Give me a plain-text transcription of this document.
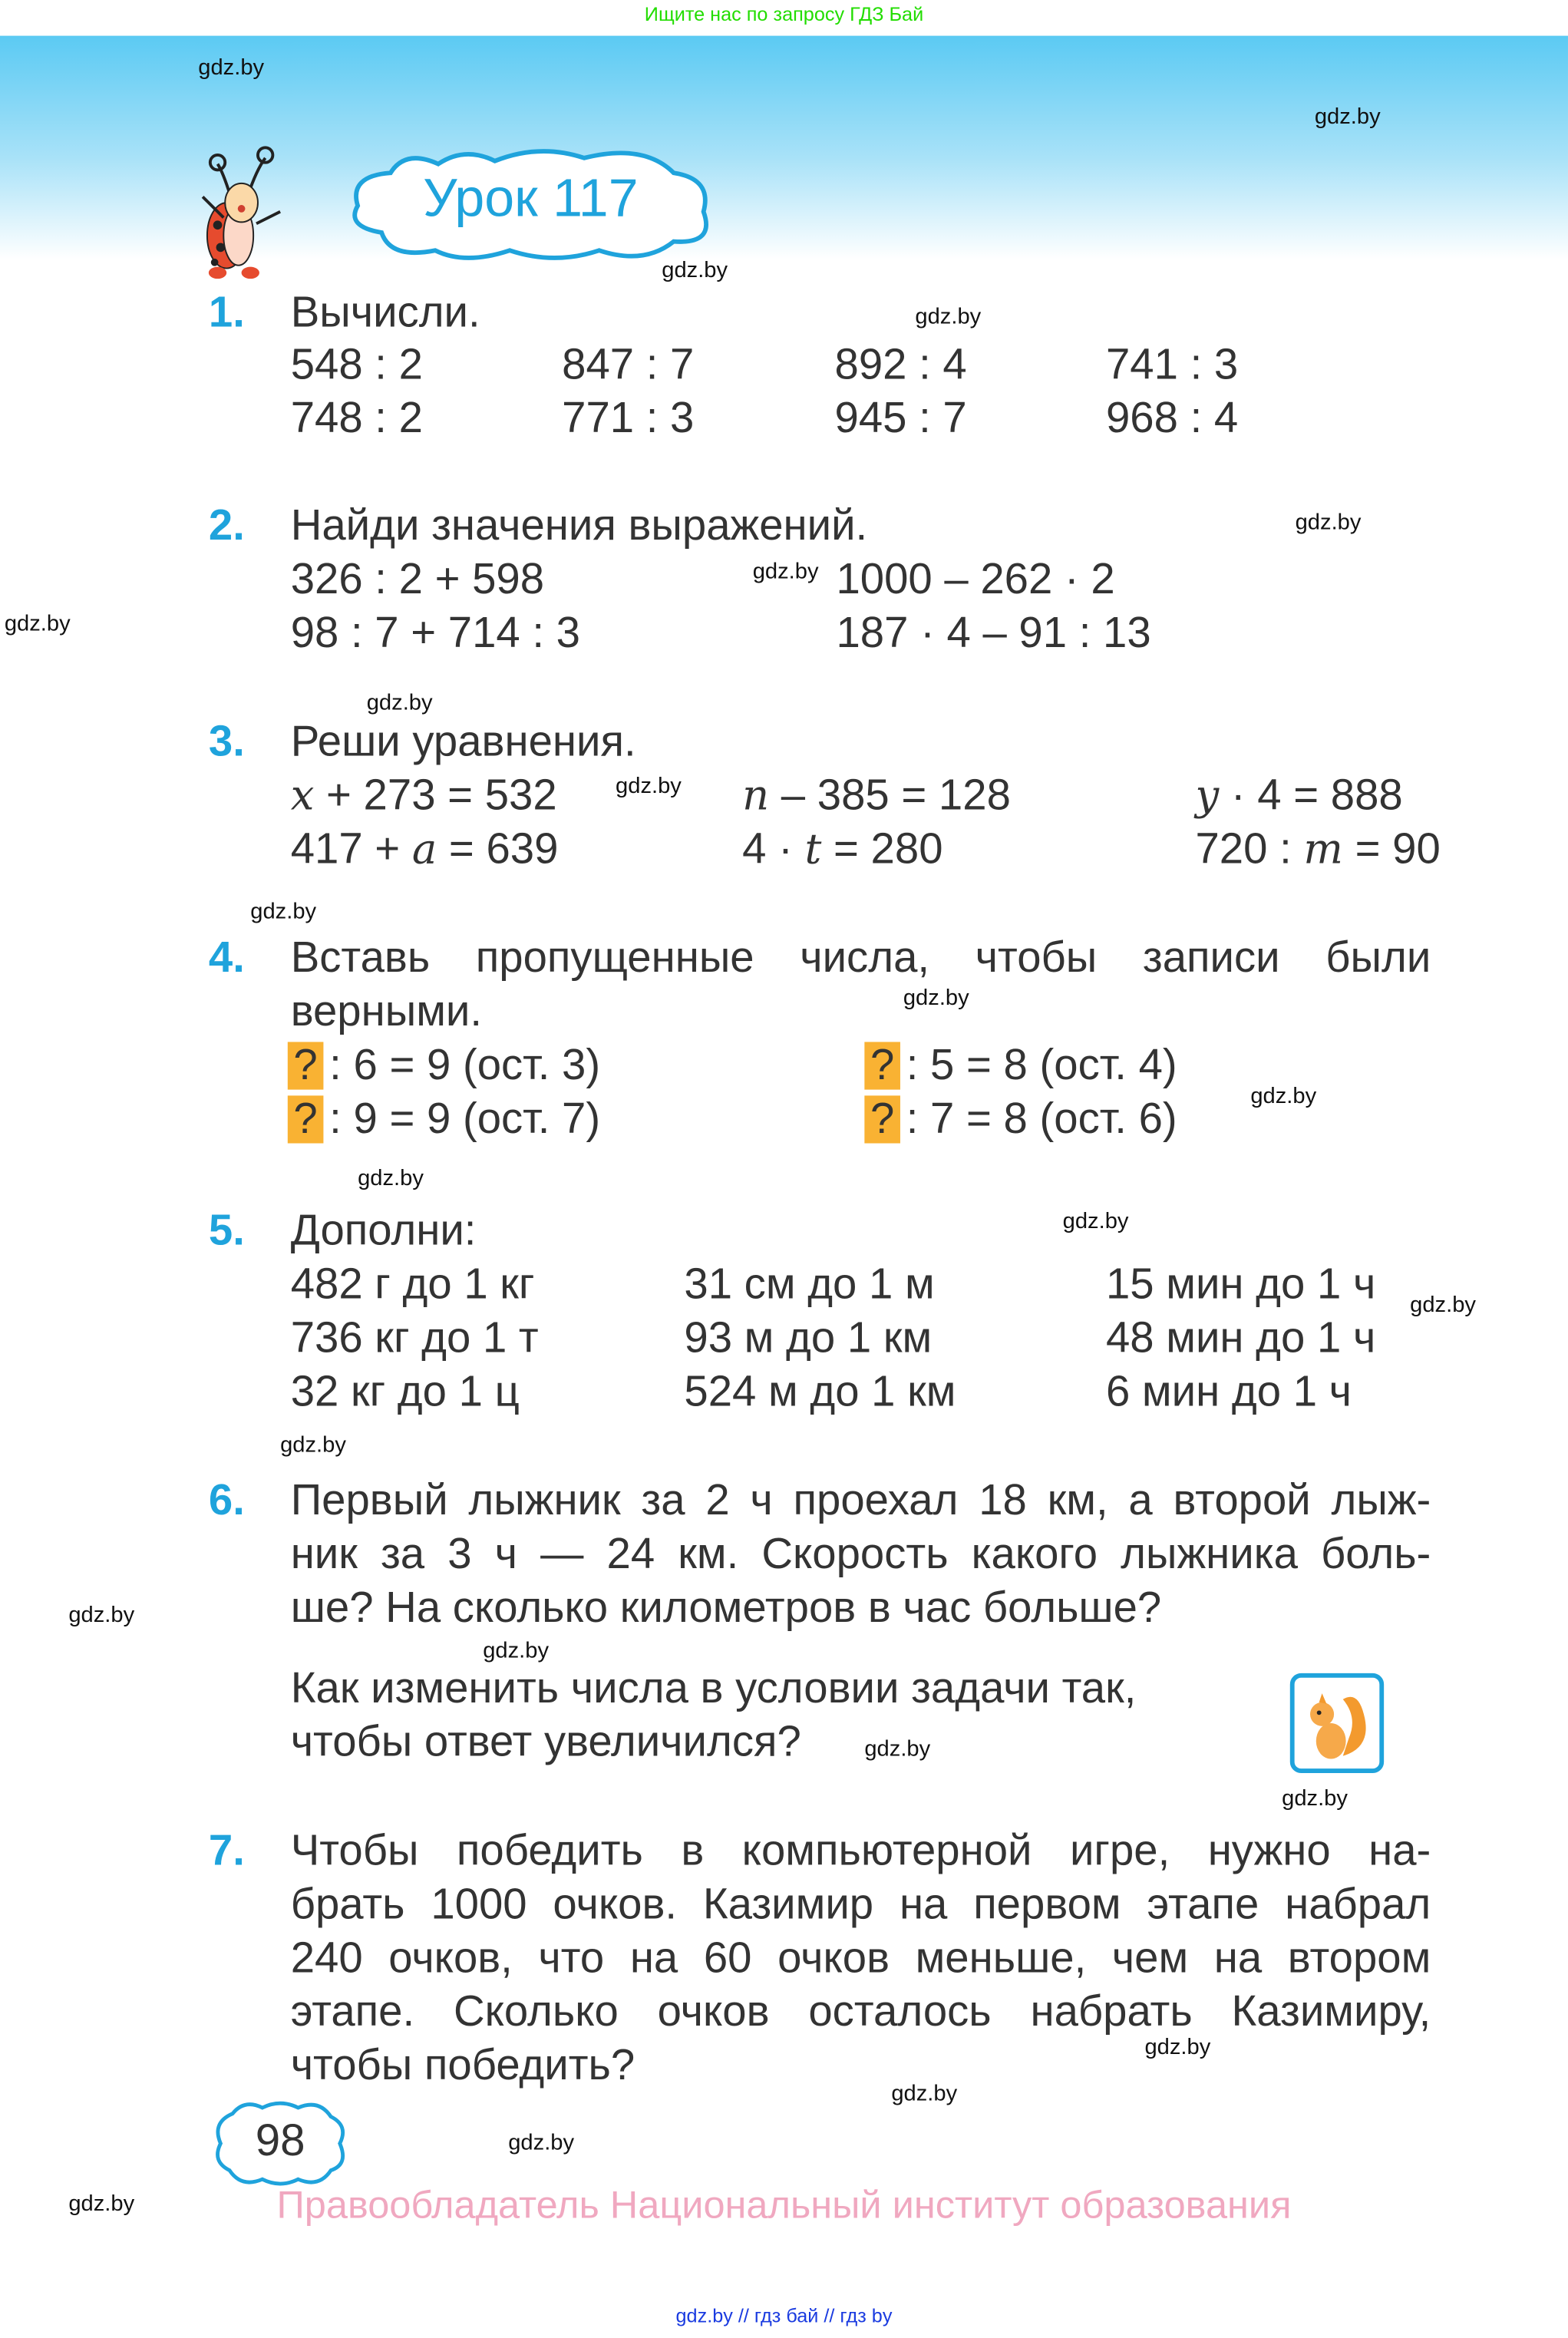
Ищите нас по запросу ГДЗ Бай
gdz.by
gdz.by
gdz.by
gdz.by
gdz.by
gdz.by
gdz.by
gdz.by
gdz.by
gdz.by
gdz.by
gdz.by
gdz.by
gdz.by
gdz.by
gdz.by
gdz.by
gdz.by
gdz.by
gdz.by
gdz.by
gdz.by
gdz.by
gdz.by
Урок 117
1. Вычисли.
548 : 2	847 : 7	892 : 4	741 : 3
748 : 2	771 : 3	945 : 7	968 : 4
2. Найди значения выражений.
326 : 2 + 598	1000 – 262 · 2
98 : 7 + 714 : 3	187 · 4 – 91 : 13
3. Реши уравнения.
x + 273 = 532	n – 385 = 128	y · 4 = 888
417 + a = 639	4 · t = 280	720 : m = 90
4. Вставь пропущенные числа, чтобы записи были
верными.
? : 6 = 9 (ост. 3)	? : 5 = 8 (ост. 4)
? : 9 = 9 (ост. 7)	? : 7 = 8 (ост. 6)
5. Дополни:
482 г до 1 кг	31 см до 1 м	15 мин до 1 ч
736 кг до 1 т	93 м до 1 км	48 мин до 1 ч
32 кг до 1 ц	524 м до 1 км	6 мин до 1 ч
6. Первый лыжник за 2 ч проехал 18 км, а второй лыж-
ник за 3 ч — 24 км. Скорость какого лыжника боль-
ше? На сколько километров в час больше?
Как изменить числа в условии задачи так,
чтобы ответ увеличился?
7. Чтобы победить в компьютерной игре, нужно на-
брать 1000 очков. Казимир на первом этапе набрал
240 очков, что на 60 очков меньше, чем на втором
этапе. Сколько очков осталось набрать Казимиру,
чтобы победить?
98
Правообладатель Национальный институт образования
gdz.by // гдз бай // гдз by
